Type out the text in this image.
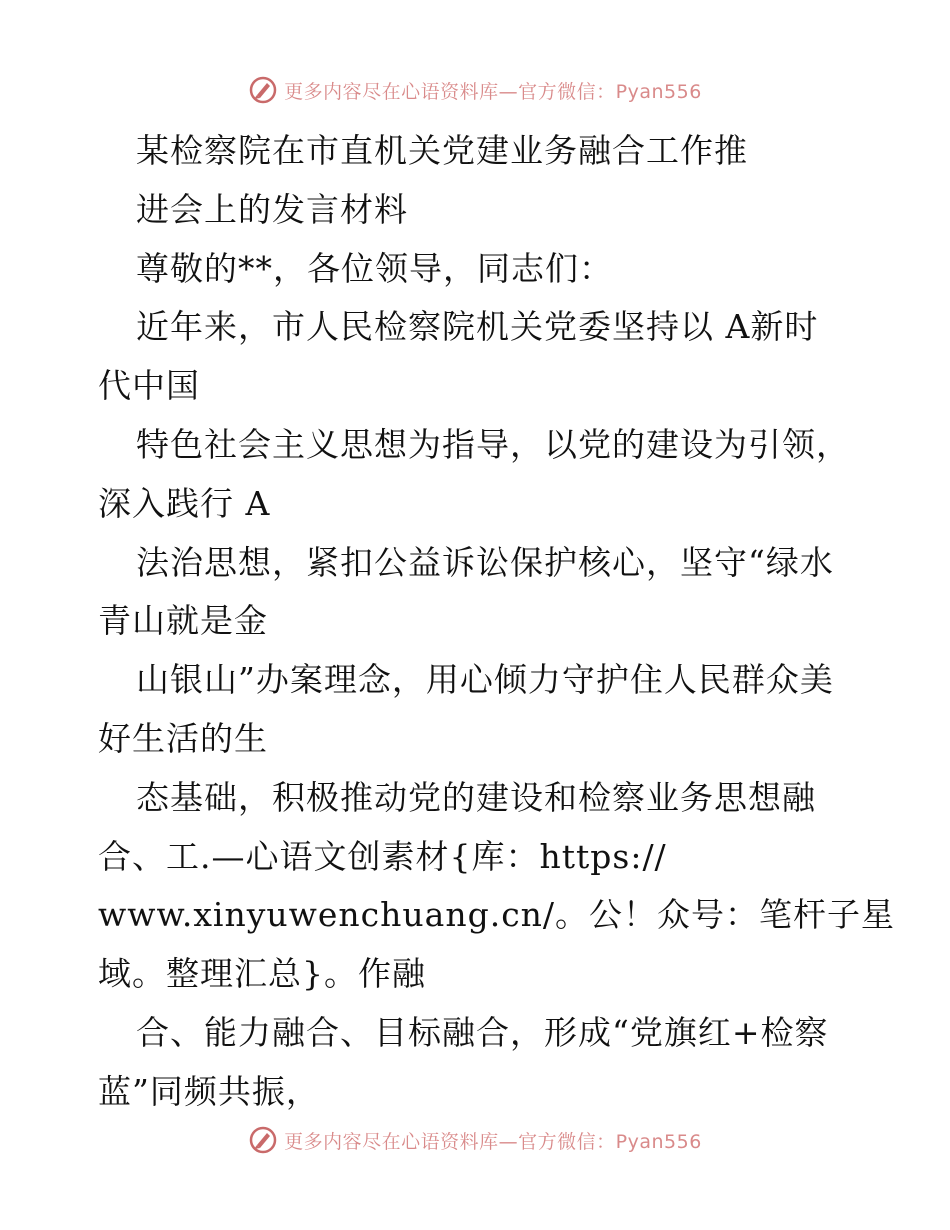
更多内容尽在心语资料库—官方微信：Pyan556
某检察院在市直机关党建业务融合工作推
进会上的发言材料
尊敬的**，各位领导，同志们：
近年来，市人民检察院机关党委坚持以 A新时
代中国
特色社会主义思想为指导，以党的建设为引领，
深入践行 A
法治思想，紧扣公益诉讼保护核心，坚守“绿水
青山就是金
山银山”办案理念，用心倾力守护住人民群众美
好生活的生
态基础，积极推动党的建设和检察业务思想融
合、工.—心语文创素材{库：https://
www.xinyuwenchuang.cn/。公！众号：笔杆子星
域。整理汇总}。作融
合、能力融合、目标融合，形成“党旗红+检察
蓝”同频共振，
更多内容尽在心语资料库—官方微信：Pyan556
